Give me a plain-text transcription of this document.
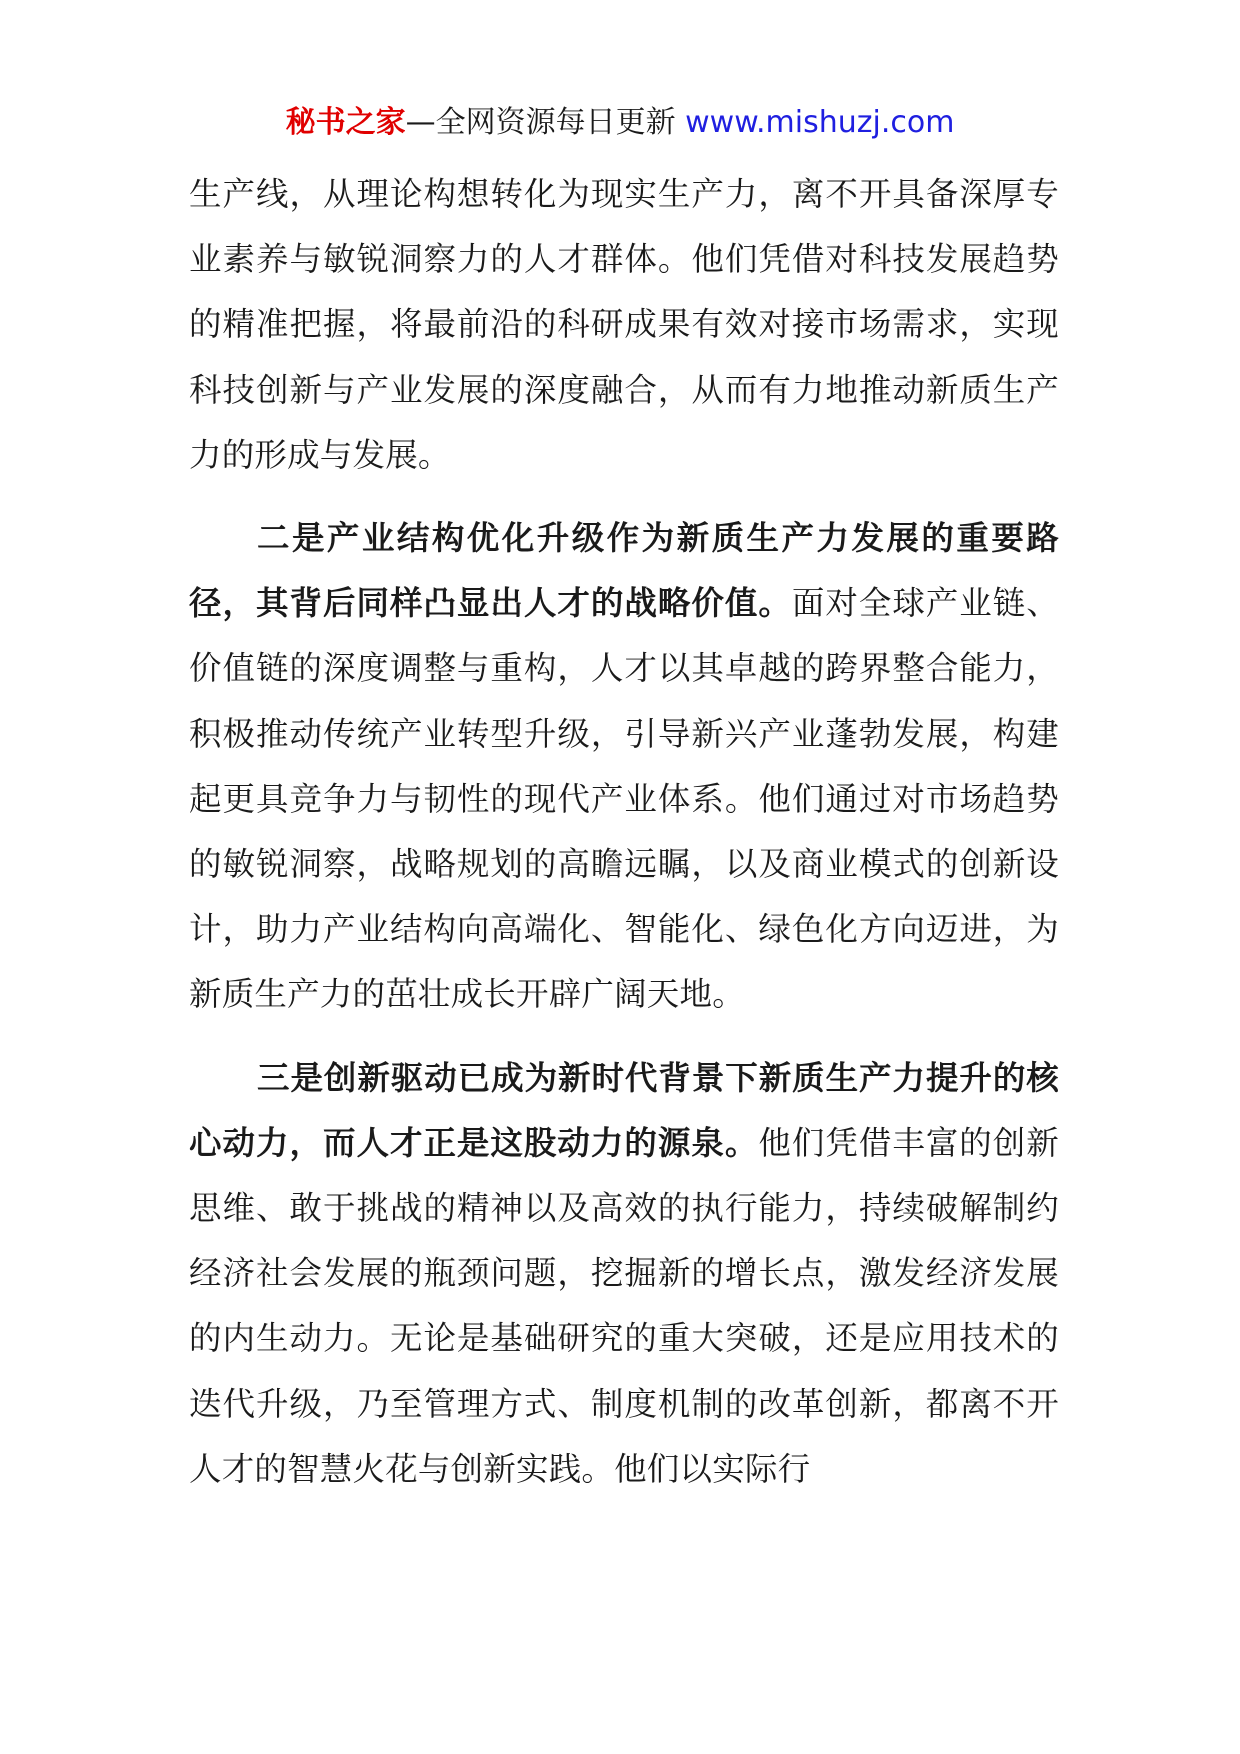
秘书之家—全网资源每日更新 www.mishuzj.com

生产线，从理论构想转化为现实生产力，离不开具备深厚专业素养与敏锐洞察力的人才群体。他们凭借对科技发展趋势的精准把握，将最前沿的科研成果有效对接市场需求，实现科技创新与产业发展的深度融合，从而有力地推动新质生产力的形成与发展。

二是产业结构优化升级作为新质生产力发展的重要路径，其背后同样凸显出人才的战略价值。面对全球产业链、价值链的深度调整与重构，人才以其卓越的跨界整合能力，积极推动传统产业转型升级，引导新兴产业蓬勃发展，构建起更具竞争力与韧性的现代产业体系。他们通过对市场趋势的敏锐洞察，战略规划的高瞻远瞩，以及商业模式的创新设计，助力产业结构向高端化、智能化、绿色化方向迈进，为新质生产力的茁壮成长开辟广阔天地。

三是创新驱动已成为新时代背景下新质生产力提升的核心动力，而人才正是这股动力的源泉。他们凭借丰富的创新思维、敢于挑战的精神以及高效的执行能力，持续破解制约经济社会发展的瓶颈问题，挖掘新的增长点，激发经济发展的内生动力。无论是基础研究的重大突破，还是应用技术的迭代升级，乃至管理方式、制度机制的改革创新，都离不开人才的智慧火花与创新实践。他们以实际行
